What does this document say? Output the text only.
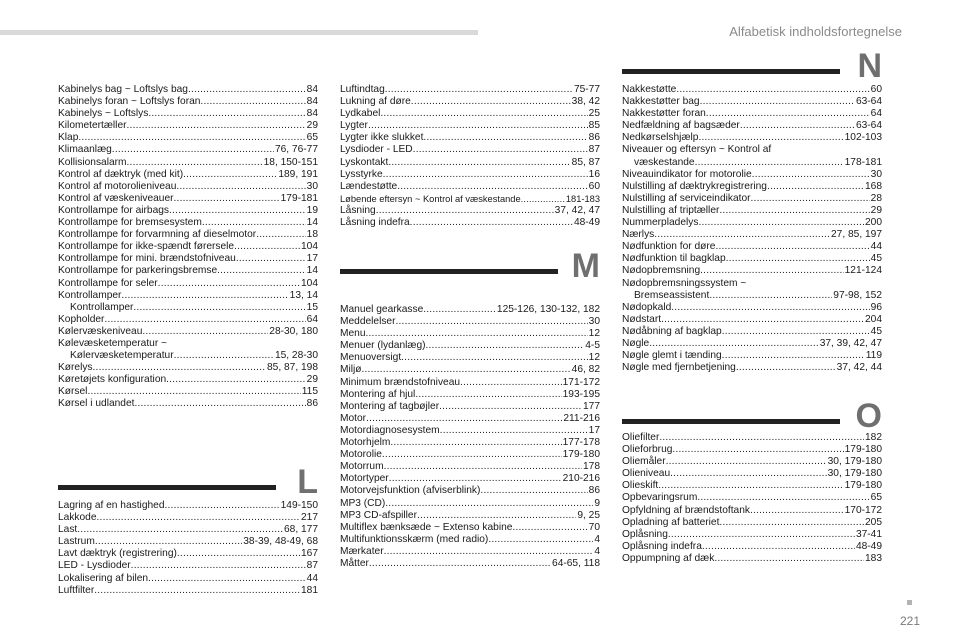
Alfabetisk indholdsfortegnelse
Kabinelys bag ~ Loftslys bag .....	84
Kabinelys foran ~ Loftslys foran .....	84
Kabinelys ~ Loftslys .....	84
Kilometertæller .....	29
Klap .....	65
Klimaanlæg .....	76, 76-77
Kollisionsalarm .....	18, 150-151
Kontrol af dæktryk (med kit) .....	189, 191
Kontrol af motorolieniveau .....	30
Kontrol af væskeniveauer .....	179-181
Kontrollampe for airbags .....	19
Kontrollampe for bremsesystem .....	14
Kontrollampe for forvarmning af dieselmotor .....	18
Kontrollampe for ikke-spændt førersele .....	104
Kontrollampe for mini. brændstofniveau .....	17
Kontrollampe for parkeringsbremse .....	14
Kontrollampe for seler .....	104
Kontrollamper .....	13, 14
Kontrollamper .....	15
Kopholder .....	64
Kølervæskeniveau .....	28-30, 180
Kølevæsketemperatur ~
Kølervæsketemperatur .....	15, 28-30
Kørelys .....	85, 87, 198
Køretøjets konfiguration .....	29
Kørsel .....	115
Kørsel i udlandet .....	86
L
Lagring af en hastighed .....	149-150
Lakkode .....	217
Last .....	68, 177
Lastrum .....	38-39, 48-49, 68
Lavt dæktryk (registrering) .....	167
LED - Lysdioder .....	87
Lokalisering af bilen .....	44
Luftfilter .....	181
Luftindtag .....	75-77
Lukning af døre .....	38, 42
Lydkabel .....	25
Lygter .....	85
Lygter ikke slukket .....	86
Lysdioder - LED .....	87
Lyskontakt .....	85, 87
Lysstyrke .....	16
Lændestøtte .....	60
Løbende eftersyn ~ Kontrol af væskestande .....	181-183
Låsning .....	37, 42, 47
Låsning indefra .....	48-49
M
Manuel gearkasse .....	125-126, 130-132, 182
Meddelelser .....	30
Menu .....	12
Menuer (lydanlæg) .....	4-5
Menuoversigt .....	12
Miljø .....	46, 82
Minimum brændstofniveau .....	171-172
Montering af hjul .....	193-195
Montering af tagbøjler .....	177
Motor .....	211-216
Motordiagnosesystem .....	17
Motorhjelm .....	177-178
Motorolie .....	179-180
Motorrum .....	178
Motortyper .....	210-216
Motorvejsfunktion (afviserblink) .....	86
MP3 (CD) .....	9
MP3 CD-afspiller .....	9, 25
Multiflex bænksæde ~ Extenso kabine .....	70
Multifunktionsskærm (med radio) .....	4
Mærkater .....	4
Måtter .....	64-65, 118
N
Nakkestøtte .....	60
Nakkestøtter bag .....	63-64
Nakkestøtter foran .....	64
Nedfældning af bagsæder .....	63-64
Nedkørselshjælp .....	102-103
Niveauer og eftersyn ~ Kontrol af
væskestande .....	178-181
Niveauindikator for motorolie .....	30
Nulstilling af dæktrykregistrering .....	168
Nulstilling af serviceindikator .....	28
Nulstilling af triptæller .....	29
Nummerpladelys .....	200
Nærlys .....	27, 85, 197
Nødfunktion for døre .....	44
Nødfunktion til bagklap .....	45
Nødopbremsning .....	121-124
Nødopbremsningssystem ~
Bremseassistent .....	97-98, 152
Nødopkald .....	96
Nødstart .....	204
Nødåbning af bagklap .....	45
Nøgle .....	37, 39, 42, 47
Nøgle glemt i tænding .....	119
Nøgle med fjernbetjening .....	37, 42, 44
O
Oliefilter .....	182
Olieforbrug .....	179-180
Oliemåler .....	30, 179-180
Olieniveau .....	30, 179-180
Olieskift .....	179-180
Opbevaringsrum .....	65
Opfyldning af brændstoftank .....	170-172
Opladning af batteriet .....	205
Oplåsning .....	37-41
Oplåsning indefra .....	48-49
Oppumpning af dæk .....	183
221
